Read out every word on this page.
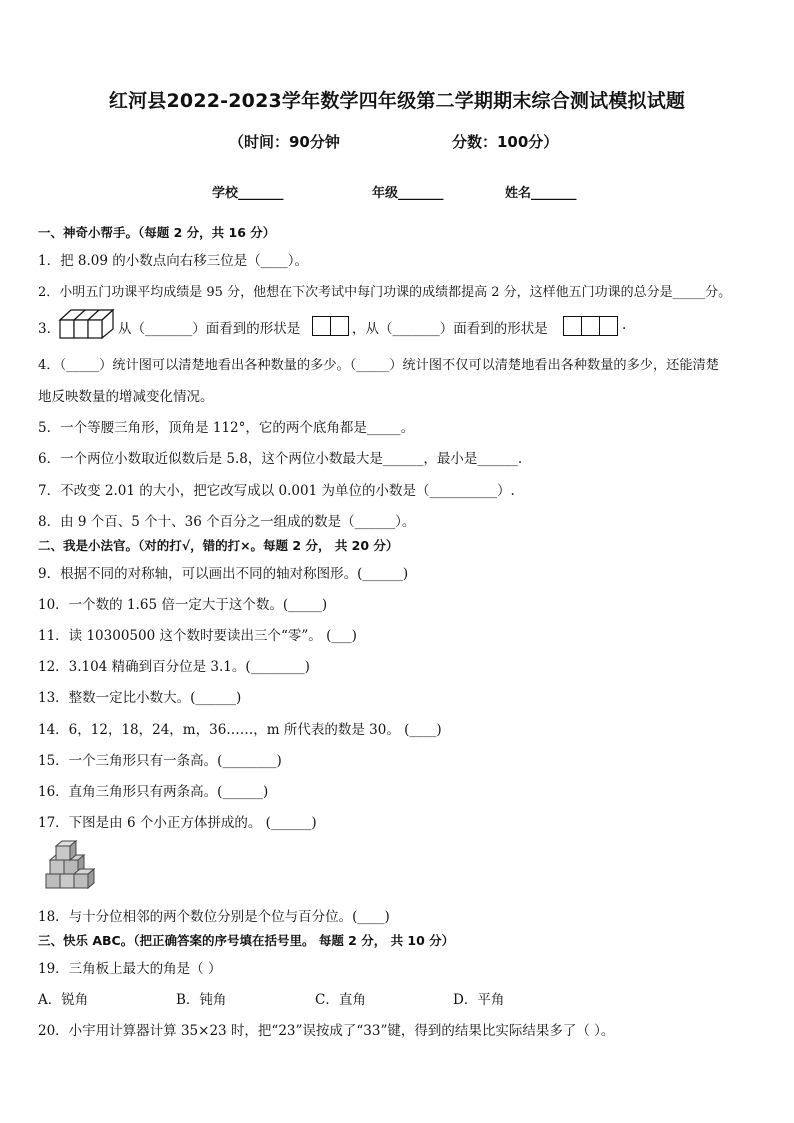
红河县2022-2023学年数学四年级第二学期期末综合测试模拟试题
（时间：90分钟	分数：100分）
学校_______	年级_______	姓名_______
一、神奇小帮手。（每题 2 分，共 16 分）
1．把 8.09 的小数点向右移三位是（____）。
2．小明五门功课平均成绩是 95 分，他想在下次考试中每门功课的成绩都提高 2 分，这样他五门功课的总分是_____分。
3．	从（_______）面看到的形状是	，从（_______）面看到的形状是	.
4．（_____）统计图可以清楚地看出各种数量的多少。（_____）统计图不仅可以清楚地看出各种数量的多少，还能清楚
地反映数量的增减变化情况。
5．一个等腰三角形，顶角是 112°，它的两个底角都是_____。
6．一个两位小数取近似数后是 5.8，这个两位小数最大是______，最小是______.
7．不改变 2.01 的大小，把它改写成以 0.001 为单位的小数是（__________）.
8．由 9 个百、5 个十、36 个百分之一组成的数是（______）。
二、我是小法官。（对的打√，错的打×。每题 2 分， 共 20 分）
9．根据不同的对称轴，可以画出不同的轴对称图形。(______)
10．一个数的 1.65 倍一定大于这个数。(_____)
11．读 10300500 这个数时要读出三个“零”。 (___)
12．3.104 精确到百分位是 3.1。(________)
13．整数一定比小数大。(______)
14．6，12，18，24，m，36……，m 所代表的数是 30。 (____)
15．一个三角形只有一条高。(________)
16．直角三角形只有两条高。(______)
17．下图是由 6 个小正方体拼成的。 (______)
18．与十分位相邻的两个数位分别是个位与百分位。(____)
三、快乐 ABC。（把正确答案的序号填在括号里。 每题 2 分， 共 10 分）
19．三角板上最大的角是（ ）
A．锐角	B．钝角	C．直角	D．平角
20．小宇用计算器计算 35×23 时，把“23”误按成了“33”键，得到的结果比实际结果多了（ ）。
